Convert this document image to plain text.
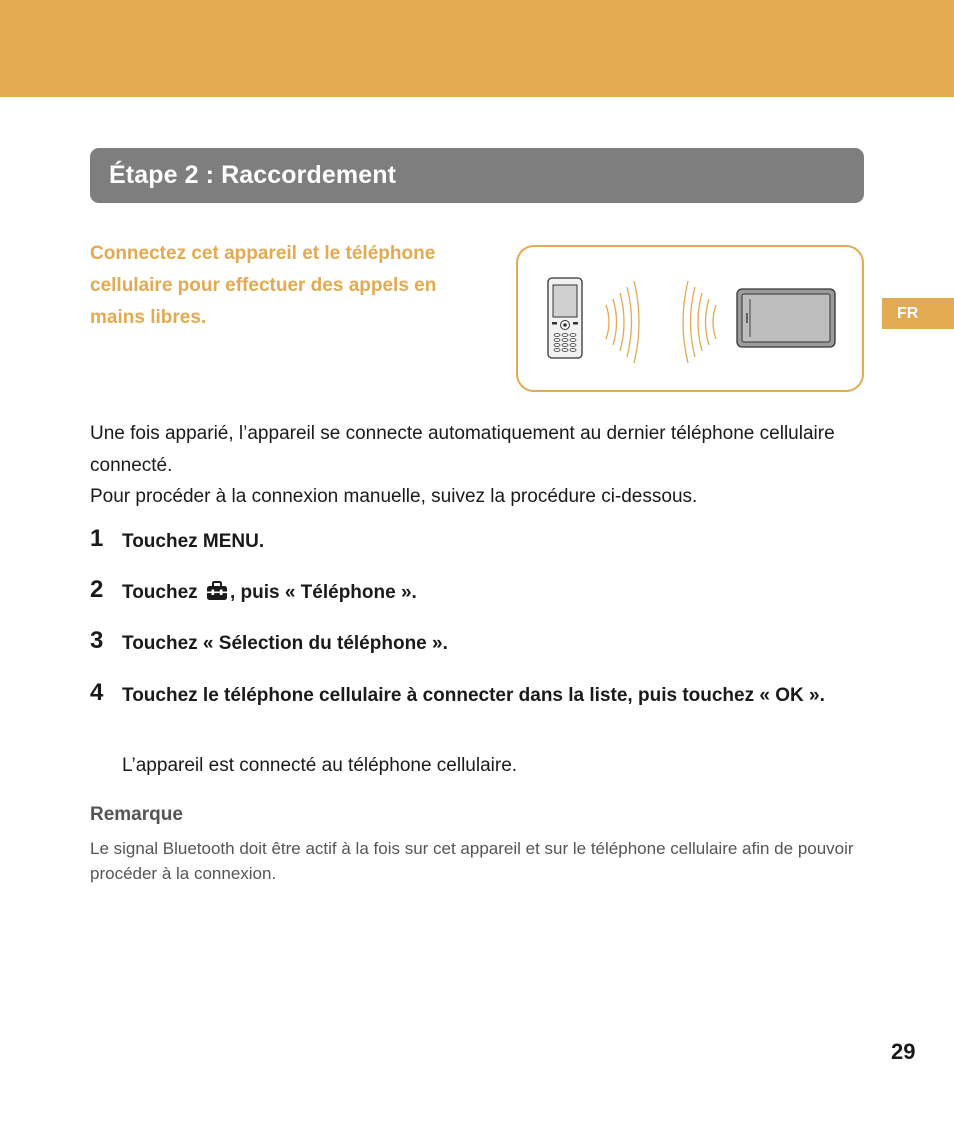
Étape 2 : Raccordement
FR

Connectez cet appareil et le téléphone cellulaire pour effectuer des appels en mains libres.

Une fois apparié, l’appareil se connecte automatiquement au dernier téléphone cellulaire connecté.
Pour procéder à la connexion manuelle, suivez la procédure ci-dessous.
1 Touchez MENU.
2 Touchez , puis « Téléphone ».
3 Touchez « Sélection du téléphone ».
4 Touchez le téléphone cellulaire à connecter dans la liste, puis touchez « OK ».
L’appareil est connecté au téléphone cellulaire.
Remarque

Le signal Bluetooth doit être actif à la fois sur cet appareil et sur le téléphone cellulaire afin de pouvoir procéder à la connexion.

29
